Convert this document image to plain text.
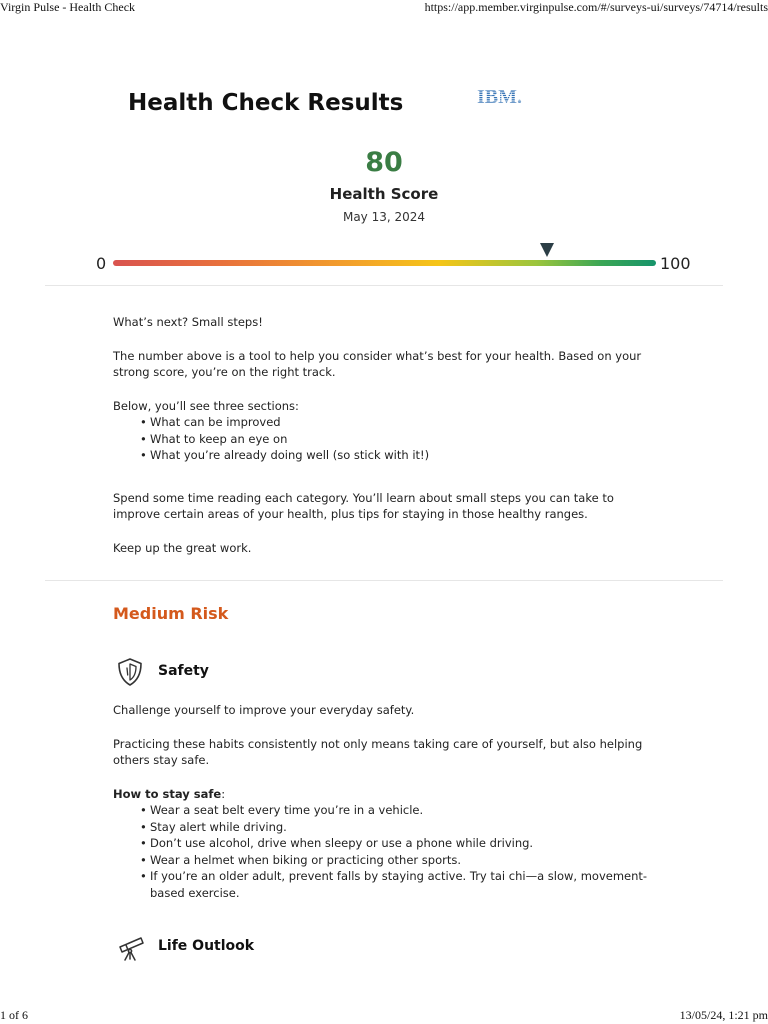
Virgin Pulse - Health Check	https://app.member.virginpulse.com/#/surveys-ui/surveys/74714/results
Health Check Results	IBM.
80
Health Score
May 13, 2024
0	100

What’s next? Small steps!

The number above is a tool to help you consider what’s best for your health. Based on your strong score, you’re on the right track.

Below, you’ll see three sections:

• What can be improved
• What to keep an eye on
• What you’re already doing well (so stick with it!)

Spend some time reading each category. You’ll learn about small steps you can take to improve certain areas of your health, plus tips for staying in those healthy ranges.

Keep up the great work.

Medium Risk
Safety

Challenge yourself to improve your everyday safety.

Practicing these habits consistently not only means taking care of yourself, but also helping others stay safe.

How to stay safe:

• Wear a seat belt every time you’re in a vehicle.
• Stay alert while driving.
• Don’t use alcohol, drive when sleepy or use a phone while driving.
• Wear a helmet when biking or practicing other sports.
• If you’re an older adult, prevent falls by staying active. Try tai chi—a slow, movement-based exercise.
Life Outlook
1 of 6	13/05/24, 1:21 pm
